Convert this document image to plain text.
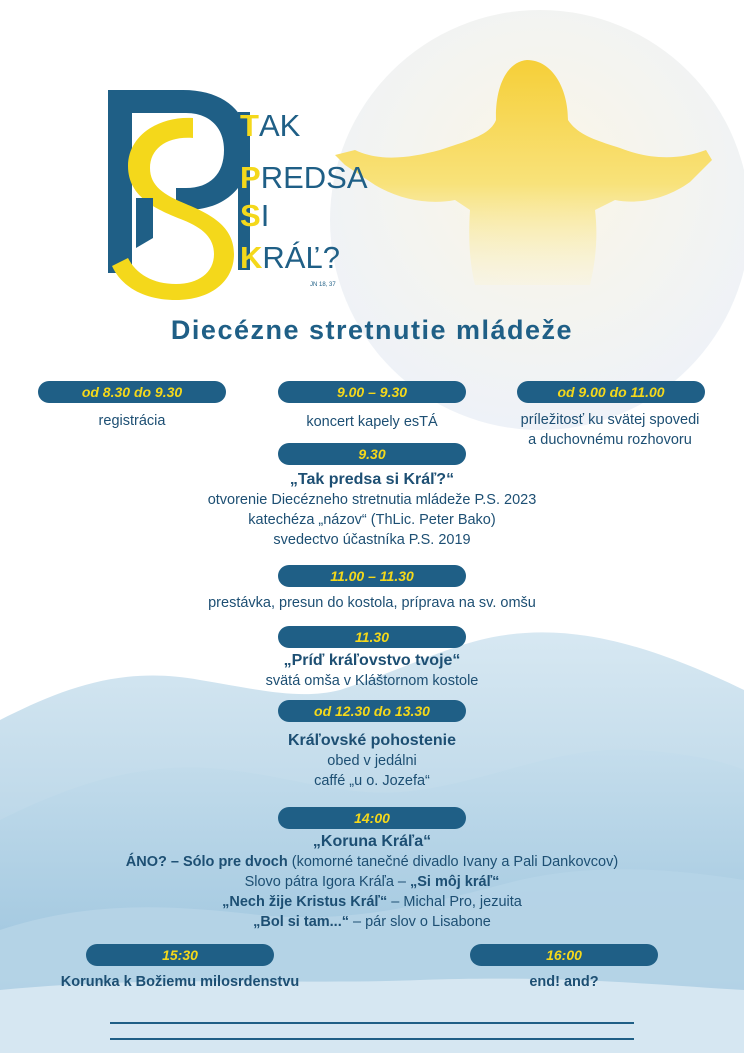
TAK
PREDSA
SI
KRÁĽ?
JN 18, 37
Diecézne stretnutie mládeže
od 8.30 do 9.30
registrácia
9.00 – 9.30
koncert kapely esTÁ
od 9.00 do 11.00
príležitosť ku svätej spovedi
a duchovnému rozhovoru
9.30
„Tak predsa si Kráľ?“
otvorenie Diecézneho stretnutia mládeže P.S. 2023
katechéza „názov“ (ThLic. Peter Bako)
svedectvo účastníka P.S. 2019
11.00 – 11.30
prestávka, presun do kostola, príprava na sv. omšu
11.30
„Príď kráľovstvo tvoje“
svätá omša v Kláštornom kostole
od 12.30 do 13.30
Kráľovské pohostenie
obed v jedálni
caffé „u o. Jozefa“
14:00
„Koruna Kráľa“
ÁNO? – Sólo pre dvoch (komorné tanečné divadlo Ivany a Pali Dankovcov)
Slovo pátra Igora Kráľa – „Si môj kráľ“
„Nech žije Kristus Kráľ“ – Michal Pro, jezuita
„Bol si tam...“ – pár slov o Lisabone
15:30
Korunka k Božiemu milosrdenstvu
16:00
end! and?
